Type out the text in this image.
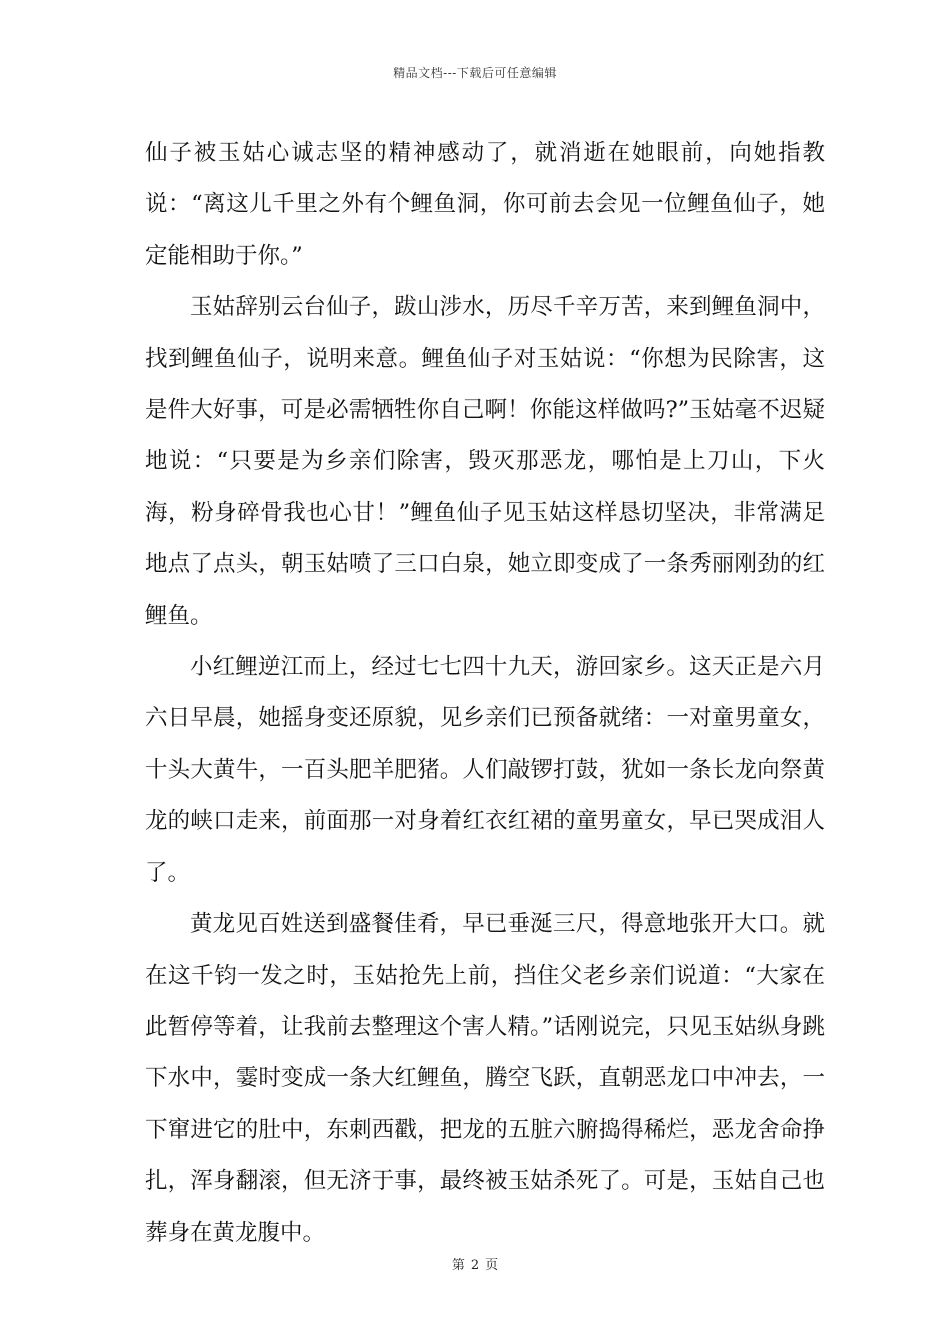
精品文档---下载后可任意编辑

仙子被玉姑心诚志坚的精神感动了，就消逝在她眼前，向她指教说：“离这儿千里之外有个鲤鱼洞，你可前去会见一位鲤鱼仙子，她定能相助于你。”

玉姑辞别云台仙子，跋山涉水，历尽千辛万苦，来到鲤鱼洞中，找到鲤鱼仙子，说明来意。鲤鱼仙子对玉姑说：“你想为民除害，这是件大好事，可是必需牺牲你自己啊！你能这样做吗?”玉姑毫不迟疑地说：“只要是为乡亲们除害，毁灭那恶龙，哪怕是上刀山，下火海，粉身碎骨我也心甘！”鲤鱼仙子见玉姑这样恳切坚决，非常满足地点了点头，朝玉姑喷了三口白泉，她立即变成了一条秀丽刚劲的红鲤鱼。

小红鲤逆江而上，经过七七四十九天，游回家乡。这天正是六月六日早晨，她摇身变还原貌，见乡亲们已预备就绪：一对童男童女，十头大黄牛，一百头肥羊肥猪。人们敲锣打鼓，犹如一条长龙向祭黄龙的峡口走来，前面那一对身着红衣红裙的童男童女，早已哭成泪人了。

黄龙见百姓送到盛餐佳肴，早已垂涎三尺，得意地张开大口。就在这千钧一发之时，玉姑抢先上前，挡住父老乡亲们说道：“大家在此暂停等着，让我前去整理这个害人精。”话刚说完，只见玉姑纵身跳下水中，霎时变成一条大红鲤鱼，腾空飞跃，直朝恶龙口中冲去，一下窜进它的肚中，东刺西戳，把龙的五脏六腑捣得稀烂，恶龙舍命挣扎，浑身翻滚，但无济于事，最终被玉姑杀死了。可是，玉姑自己也葬身在黄龙腹中。

第 2 页
